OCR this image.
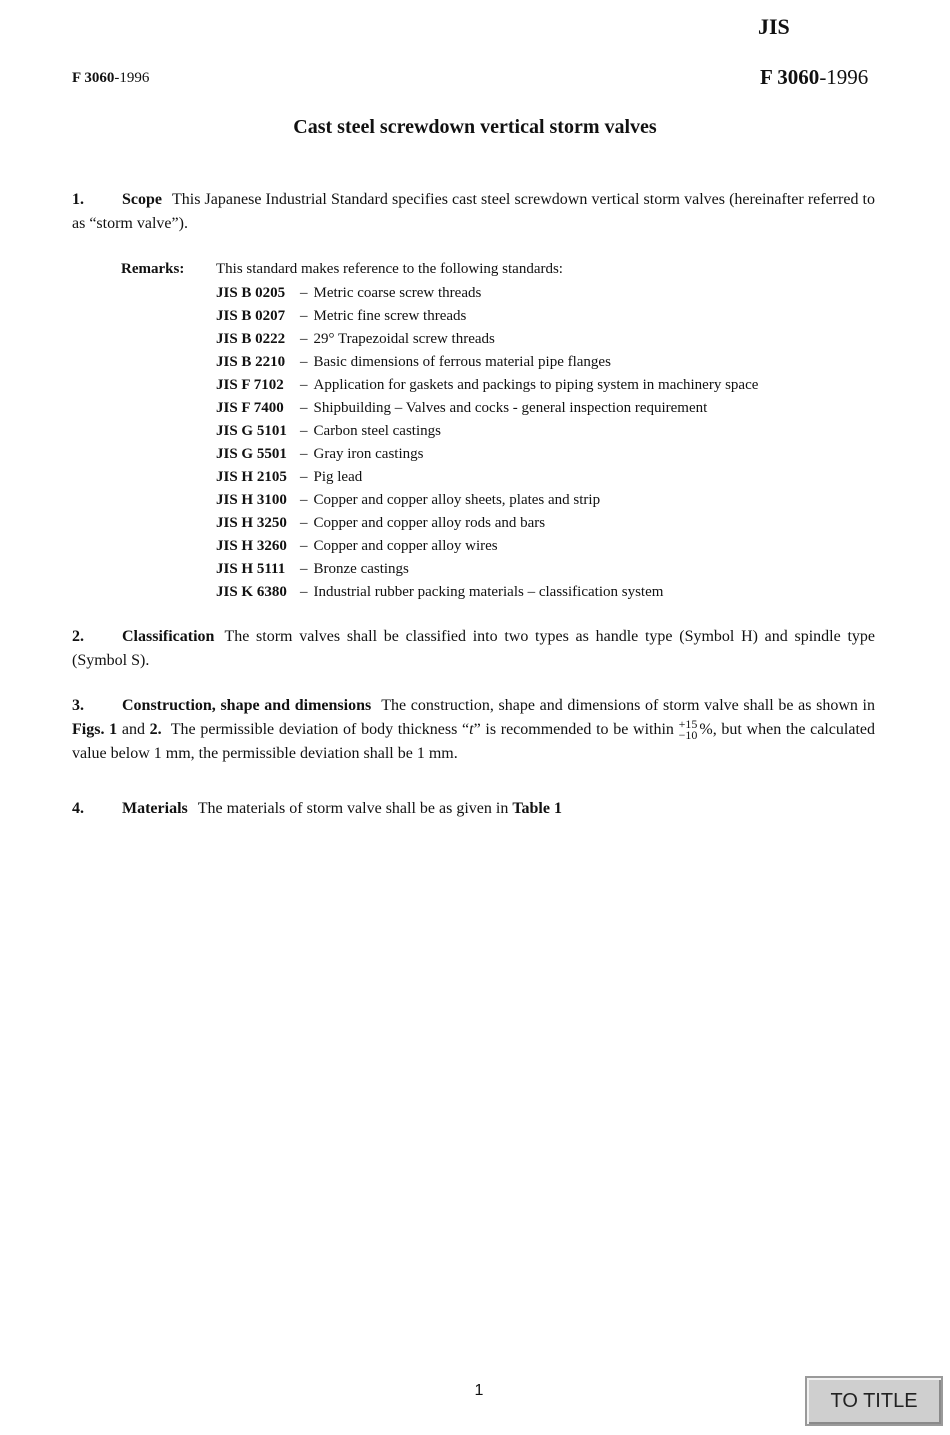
JIS
F 3060-1996	F 3060-1996
Cast steel screwdown vertical storm valves
1. Scope This Japanese Industrial Standard specifies cast steel screwdown vertical storm valves (hereinafter referred to as “storm valve”).
Remarks: This standard makes reference to the following standards:
JIS B 0205 – Metric coarse screw threads
JIS B 0207 – Metric fine screw threads
JIS B 0222 – 29° Trapezoidal screw threads
JIS B 2210 – Basic dimensions of ferrous material pipe flanges
JIS F 7102 – Application for gaskets and packings to piping system in machinery space
JIS F 7400 – Shipbuilding – Valves and cocks - general inspection requirement
JIS G 5101 – Carbon steel castings
JIS G 5501 – Gray iron castings
JIS H 2105 – Pig lead
JIS H 3100 – Copper and copper alloy sheets, plates and strip
JIS H 3250 – Copper and copper alloy rods and bars
JIS H 3260 – Copper and copper alloy wires
JIS H 5111 – Bronze castings
JIS K 6380 – Industrial rubber packing materials – classification system
2. Classification The storm valves shall be classified into two types as handle type (Symbol H) and spindle type (Symbol S).
3. Construction, shape and dimensions The construction, shape and dimensions of storm valve shall be as shown in Figs. 1 and 2. The permissible deviation of body thickness “t” is recommended to be within +15
−10 %, but when the calculated value below 1 mm, the permissible deviation shall be 1 mm.
4. Materials The materials of storm valve shall be as given in Table 1
1	TO TITLE
